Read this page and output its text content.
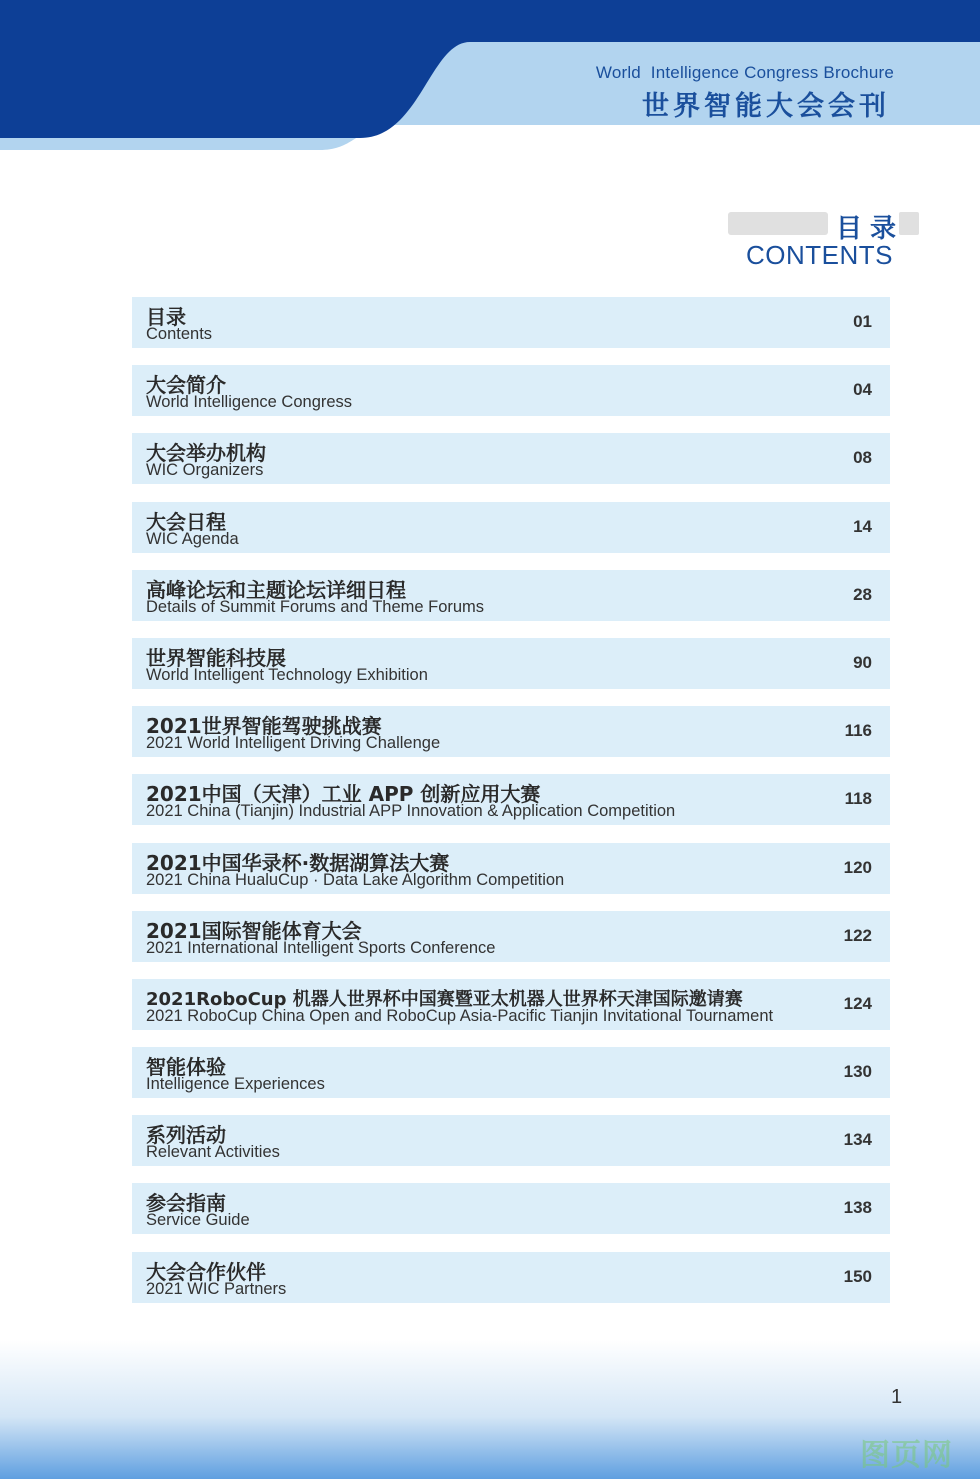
World  Intelligence Congress Brochure
世界智能大会会刊
目录
CONTENTS
目录
Contents
01
大会简介
World Intelligence Congress
04
大会举办机构
WIC Organizers
08
大会日程
WIC Agenda
14
高峰论坛和主题论坛详细日程
Details of Summit Forums and Theme Forums
28
世界智能科技展
World Intelligent Technology Exhibition
90
2021世界智能驾驶挑战赛
2021 World Intelligent Driving Challenge
116
2021中国（天津）工业 APP 创新应用大赛
2021 China (Tianjin) Industrial APP Innovation & Application Competition
118
2021中国华录杯·数据湖算法大赛
2021 China HualuCup · Data Lake Algorithm Competition
120
2021国际智能体育大会
2021 International Intelligent Sports Conference
122
2021RoboCup 机器人世界杯中国赛暨亚太机器人世界杯天津国际邀请赛
2021 RoboCup China Open and RoboCup Asia-Pacific Tianjin Invitational Tournament
124
智能体验
Intelligence Experiences
130
系列活动
Relevant Activities
134
参会指南
Service Guide
138
大会合作伙伴
2021 WIC Partners
150
1
图页网
